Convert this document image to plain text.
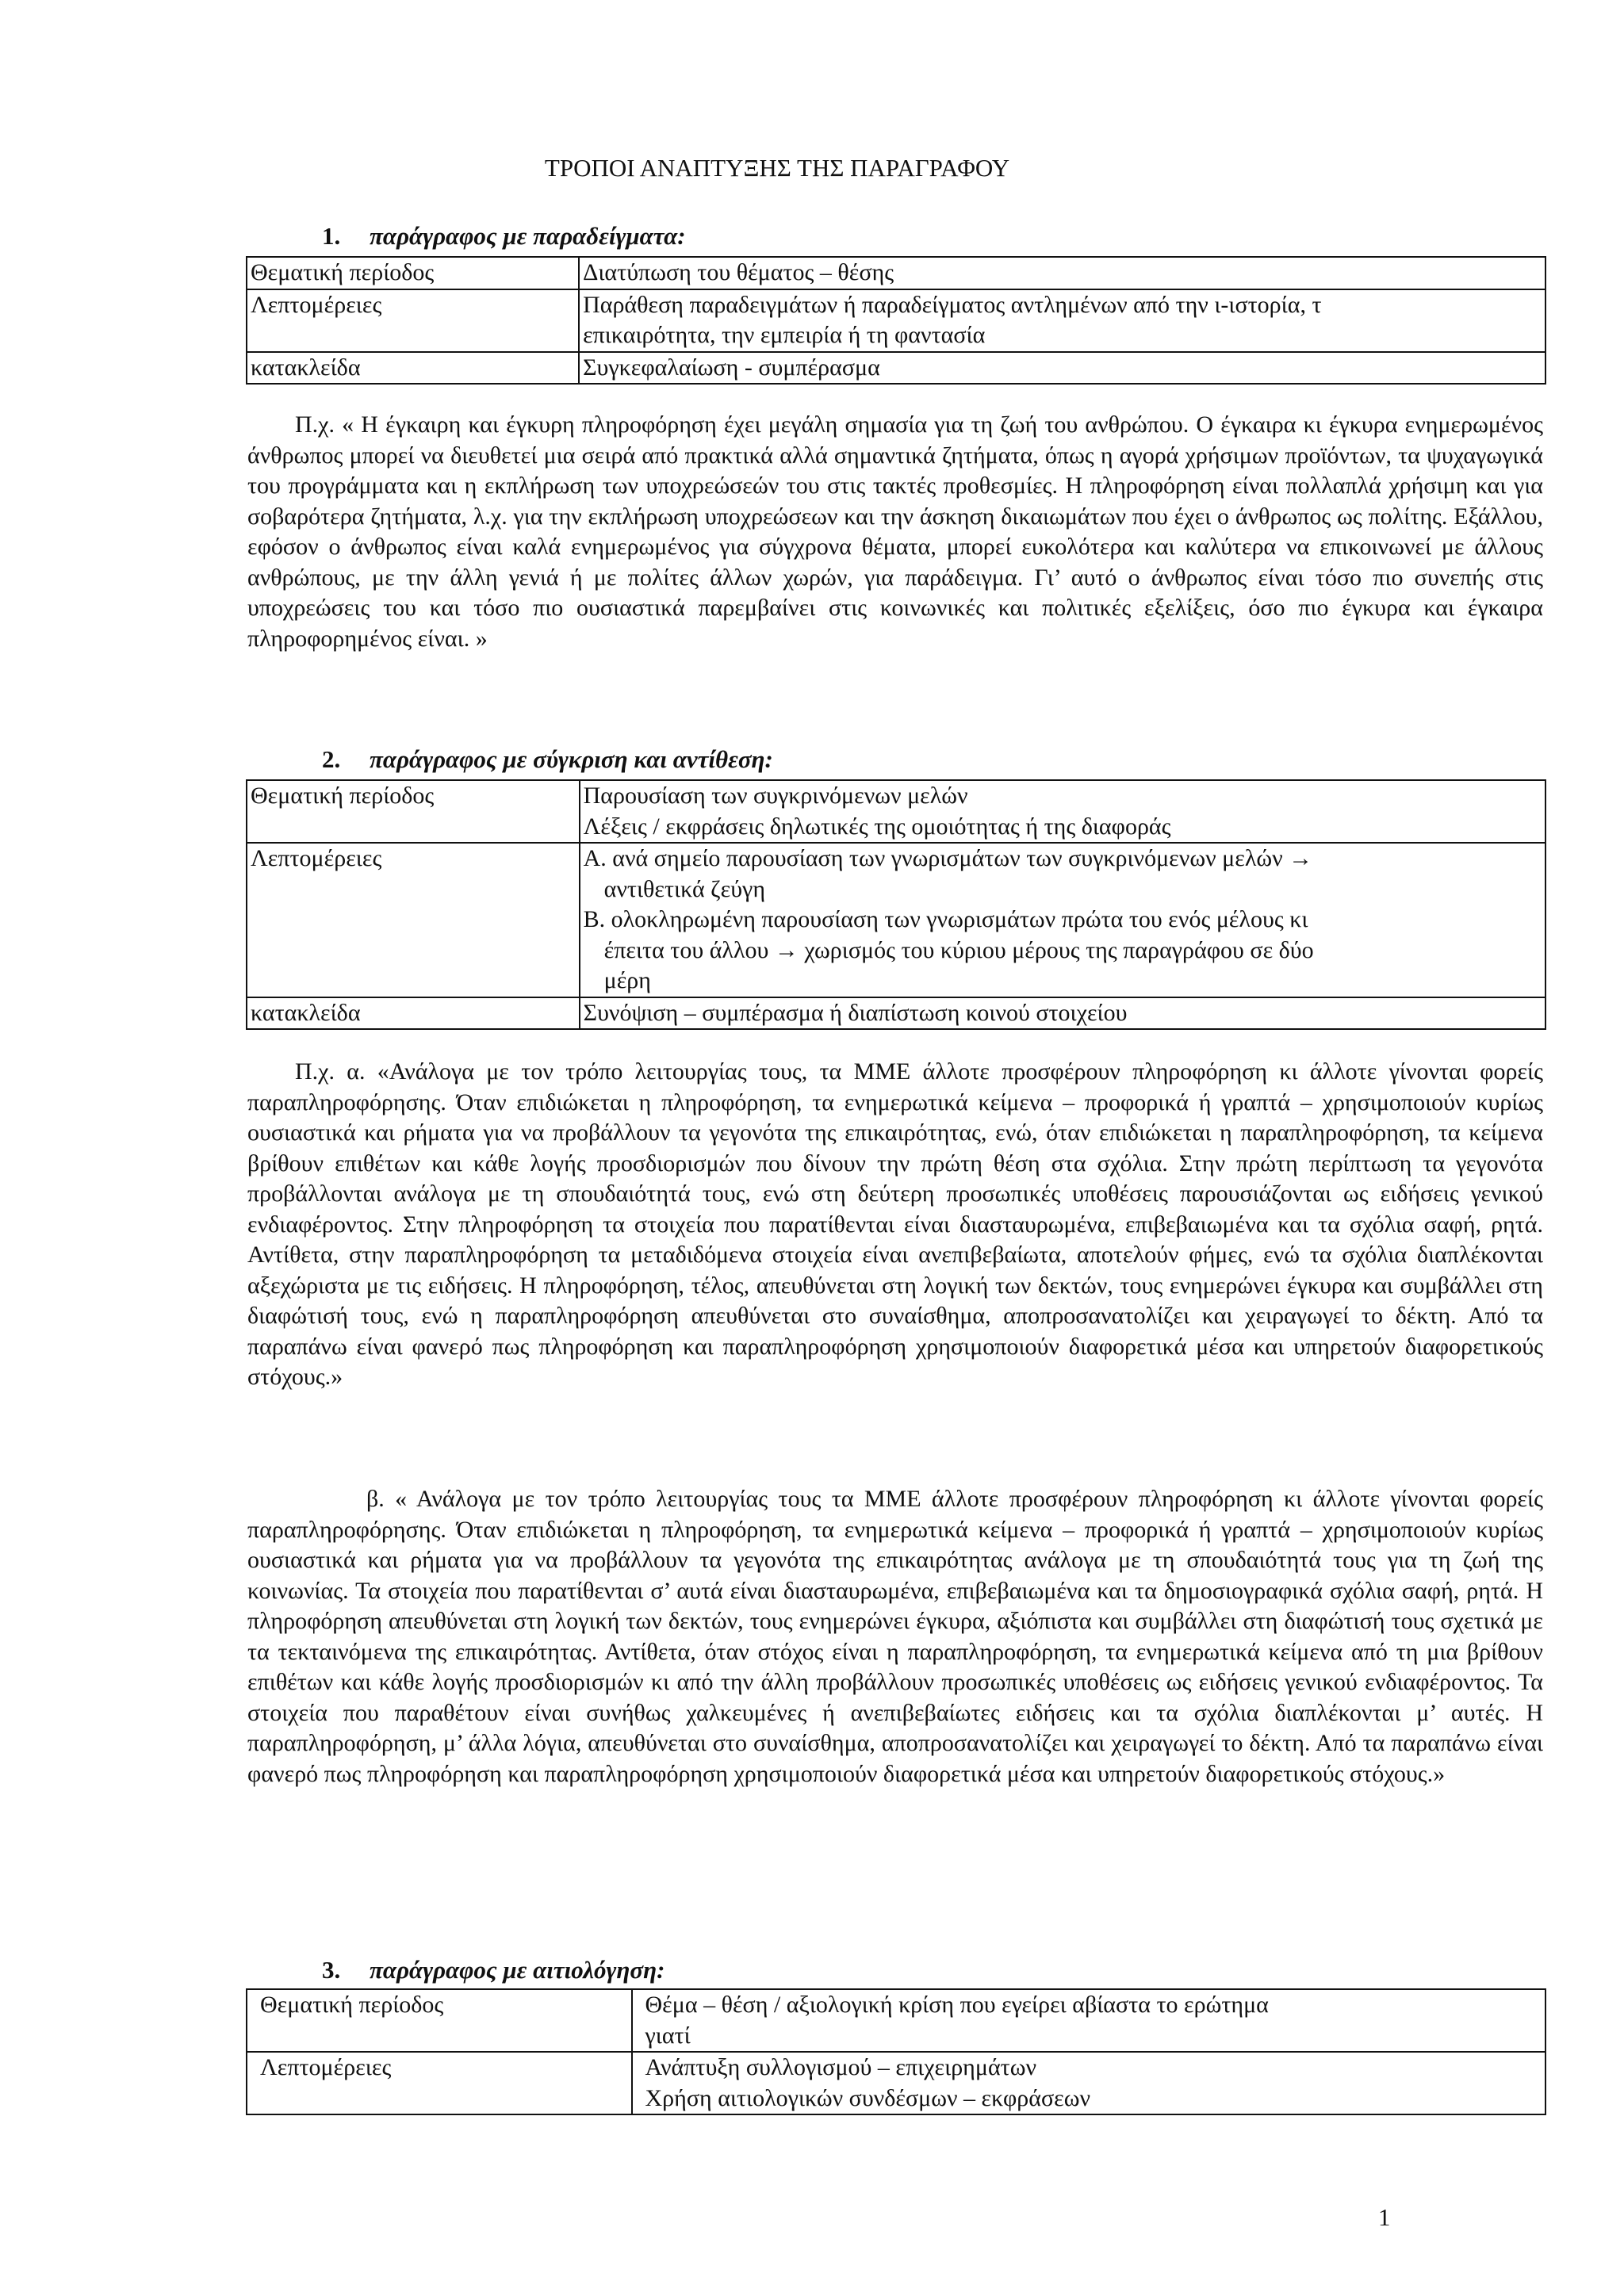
ΤΡΟΠΟΙ ΑΝΑΠΤΥΞΗΣ ΤΗΣ ΠΑΡΑΓΡΑΦΟΥ
1. παράγραφος με παραδείγματα:
Θεματική περίοδος	Διατύπωση του θέματος – θέσης

Λεπτομέρειες	Παράθεση παραδειγμάτων ή παραδείγματος αντλημένων από την ι-ιστορία, τ
επικαιρότητα, την εμπειρία ή τη φαντασία

κατακλείδα	Συγκεφαλαίωση - συμπέρασμα

Π.χ. « Η έγκαιρη και έγκυρη πληροφόρηση έχει μεγάλη σημασία για τη ζωή του ανθρώπου. Ο έγκαιρα κι έγκυρα ενημερωμένος άνθρωπος μπορεί να διευθετεί μια σειρά από πρακτικά αλλά σημαντικά ζητήματα, όπως η αγορά χρήσιμων προϊόντων, τα ψυχαγωγικά του προγράμματα και η εκπλήρωση των υποχρεώσεών του στις τακτές προθεσμίες. Η πληροφόρηση είναι πολλαπλά χρήσιμη και για σοβαρότερα ζητήματα, λ.χ. για την εκπλήρωση υποχρεώσεων και την άσκηση δικαιωμάτων που έχει ο άνθρωπος ως πολίτης. Εξάλλου, εφόσον ο άνθρωπος είναι καλά ενημερωμένος για σύγχρονα θέματα, μπορεί ευκολότερα και καλύτερα να επικοινωνεί με άλλους ανθρώπους, με την άλλη γενιά ή με πολίτες άλλων χωρών, για παράδειγμα. Γι’ αυτό ο άνθρωπος είναι τόσο πιο συνεπής στις υποχρεώσεις του και τόσο πιο ουσιαστικά παρεμβαίνει στις κοινωνικές και πολιτικές εξελίξεις, όσο πιο έγκυρα και έγκαιρα πληροφορημένος είναι. »

2. παράγραφος με σύγκριση και αντίθεση:
Θεματική περίοδος	Παρουσίαση των συγκρινόμενων μελών
Λέξεις / εκφράσεις δηλωτικές της ομοιότητας ή της διαφοράς

Λεπτομέρειες	Α. ανά σημείο παρουσίαση των γνωρισμάτων των συγκρινόμενων μελών →
αντιθετικά ζεύγη
Β. ολοκληρωμένη παρουσίαση των γνωρισμάτων πρώτα του ενός μέλους κι
έπειτα του άλλου → χωρισμός του κύριου μέρους της παραγράφου σε δύο
μέρη

κατακλείδα	Συνόψιση – συμπέρασμα ή διαπίστωση κοινού στοιχείου

Π.χ. α. «Ανάλογα με τον τρόπο λειτουργίας τους, τα ΜΜΕ άλλοτε προσφέρουν πληροφόρηση κι άλλοτε γίνονται φορείς παραπληροφόρησης. Όταν επιδιώκεται η πληροφόρηση, τα ενημερωτικά κείμενα – προφορικά ή γραπτά – χρησιμοποιούν κυρίως ουσιαστικά και ρήματα για να προβάλλουν τα γεγονότα της επικαιρότητας, ενώ, όταν επιδιώκεται η παραπληροφόρηση, τα κείμενα βρίθουν επιθέτων και κάθε λογής προσδιορισμών που δίνουν την πρώτη θέση στα σχόλια. Στην πρώτη περίπτωση τα γεγονότα προβάλλονται ανάλογα με τη σπουδαιότητά τους, ενώ στη δεύτερη προσωπικές υποθέσεις παρουσιάζονται ως ειδήσεις γενικού ενδιαφέροντος. Στην πληροφόρηση τα στοιχεία που παρατίθενται είναι διασταυρωμένα, επιβεβαιωμένα και τα σχόλια σαφή, ρητά. Αντίθετα, στην παραπληροφόρηση τα μεταδιδόμενα στοιχεία είναι ανεπιβεβαίωτα, αποτελούν φήμες, ενώ τα σχόλια διαπλέκονται αξεχώριστα με τις ειδήσεις. Η πληροφόρηση, τέλος, απευθύνεται στη λογική των δεκτών, τους ενημερώνει έγκυρα και συμβάλλει στη διαφώτισή τους, ενώ η παραπληροφόρηση απευθύνεται στο συναίσθημα, αποπροσανατολίζει και χειραγωγεί το δέκτη. Από τα παραπάνω είναι φανερό πως πληροφόρηση και παραπληροφόρηση χρησιμοποιούν διαφορετικά μέσα και υπηρετούν διαφορετικούς στόχους.»

β. « Ανάλογα με τον τρόπο λειτουργίας τους τα ΜΜΕ άλλοτε προσφέρουν πληροφόρηση κι άλλοτε γίνονται φορείς παραπληροφόρησης. Όταν επιδιώκεται η πληροφόρηση, τα ενημερωτικά κείμενα – προφορικά ή γραπτά – χρησιμοποιούν κυρίως ουσιαστικά και ρήματα για να προβάλλουν τα γεγονότα της επικαιρότητας ανάλογα με τη σπουδαιότητά τους για τη ζωή της κοινωνίας. Τα στοιχεία που παρατίθενται σ’ αυτά είναι διασταυρωμένα, επιβεβαιωμένα και τα δημοσιογραφικά σχόλια σαφή, ρητά. Η πληροφόρηση απευθύνεται στη λογική των δεκτών, τους ενημερώνει έγκυρα, αξιόπιστα και συμβάλλει στη διαφώτισή τους σχετικά με τα τεκταινόμενα της επικαιρότητας. Αντίθετα, όταν στόχος είναι η παραπληροφόρηση, τα ενημερωτικά κείμενα από τη μια βρίθουν επιθέτων και κάθε λογής προσδιορισμών κι από την άλλη προβάλλουν προσωπικές υποθέσεις ως ειδήσεις γενικού ενδιαφέροντος. Τα στοιχεία που παραθέτουν είναι συνήθως χαλκευμένες ή ανεπιβεβαίωτες ειδήσεις και τα σχόλια διαπλέκονται μ’ αυτές. Η παραπληροφόρηση, μ’ άλλα λόγια, απευθύνεται στο συναίσθημα, αποπροσανατολίζει και χειραγωγεί το δέκτη. Από τα παραπάνω είναι φανερό πως πληροφόρηση και παραπληροφόρηση χρησιμοποιούν διαφορετικά μέσα και υπηρετούν διαφορετικούς στόχους.»

3. παράγραφος με αιτιολόγηση:
Θεματική περίοδος	Θέμα – θέση / αξιολογική κρίση που εγείρει αβίαστα το ερώτημα
γιατί

Λεπτομέρειες	Ανάπτυξη συλλογισμού – επιχειρημάτων
Χρήση αιτιολογικών συνδέσμων – εκφράσεων
1
